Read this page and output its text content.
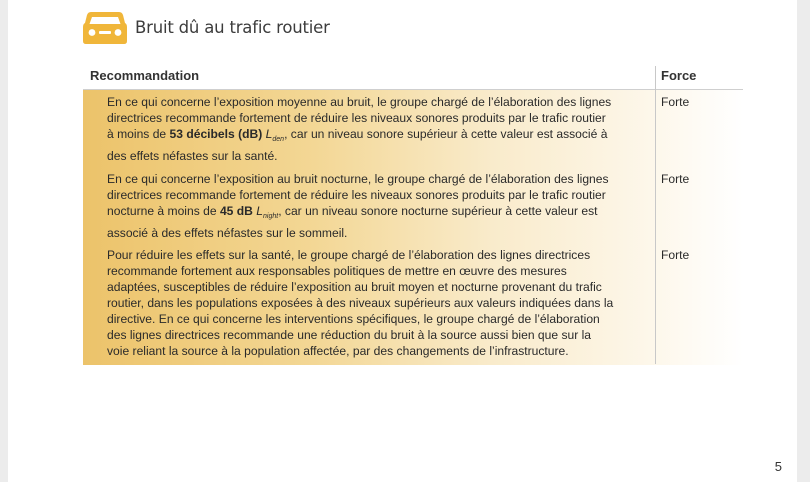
Bruit dû au trafic routier
Recommandation	Force
En ce qui concerne l’exposition moyenne au bruit, le groupe chargé de l’élaboration des lignes
directrices recommande fortement de réduire les niveaux sonores produits par le trafic routier
à moins de 53 décibels (dB) $L_{den}$, car un niveau sonore supérieur à cette valeur est associé à
des effets néfastes sur la santé.
Forte
En ce qui concerne l’exposition au bruit nocturne, le groupe chargé de l’élaboration des lignes
directrices recommande fortement de réduire les niveaux sonores produits par le trafic routier
nocturne à moins de 45 dB $L_{night}$, car un niveau sonore nocturne supérieur à cette valeur est
associé à des effets néfastes sur le sommeil.
Forte
Pour réduire les effets sur la santé, le groupe chargé de l’élaboration des lignes directrices
recommande fortement aux responsables politiques de mettre en œuvre des mesures
adaptées, susceptibles de réduire l’exposition au bruit moyen et nocturne provenant du trafic
routier, dans les populations exposées à des niveaux supérieurs aux valeurs indiquées dans la
directive. En ce qui concerne les interventions spécifiques, le groupe chargé de l’élaboration
des lignes directrices recommande une réduction du bruit à la source aussi bien que sur la
voie reliant la source à la population affectée, par des changements de l’infrastructure.
Forte
5
